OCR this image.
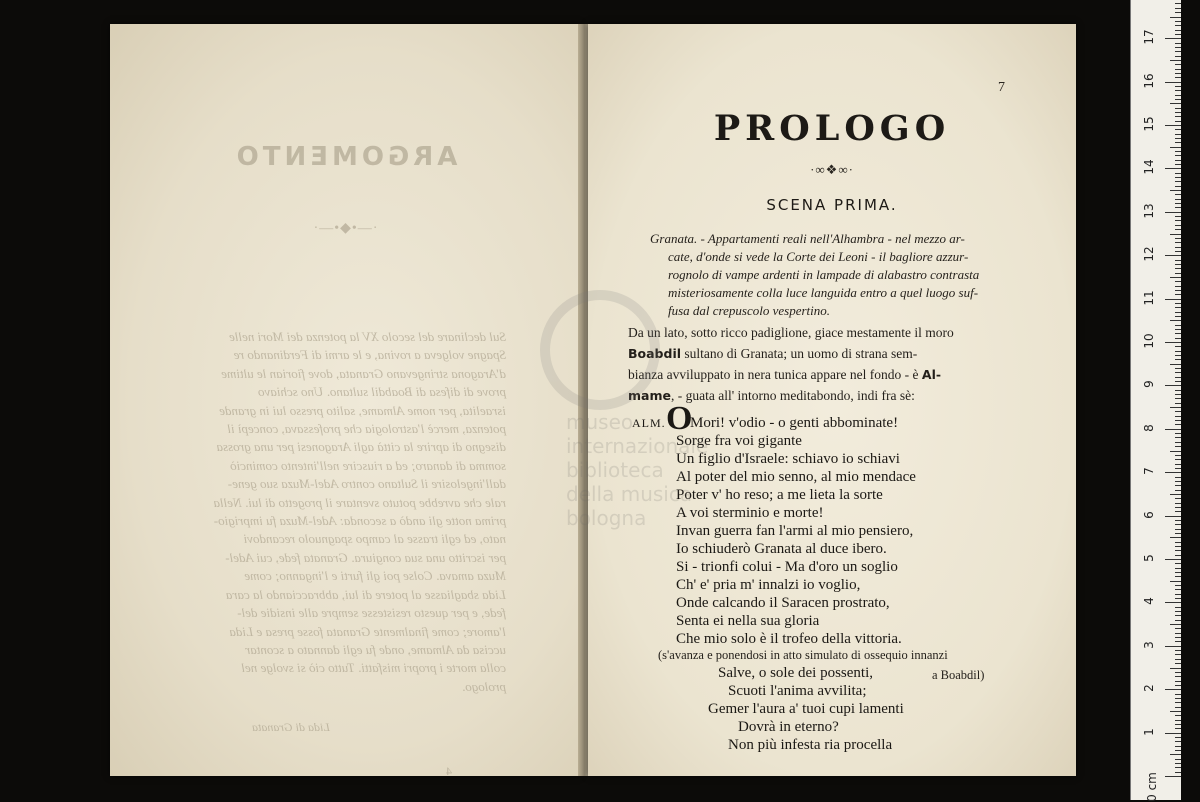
ARGOMENTO
·—•◆•—·
Sul declinare del secolo XV la potenza dei Mori nelle
Spagne volgeva a rovina, e le armi di Ferdinando re
d'Aragona stringevano Granata, dove fiorian le ultime
prove di difesa di Boabdil sultano. Uno schiavo
israelita, per nome Almame, salito presso lui in grande
potenza, mercè l'astrologia che professava, concepì il
disegno di aprire la città agli Aragonesi per una grossa
somma di danaro; ed a riuscire nell'intento cominciò
dall'ingelosire il Sultano contro Adel-Muza suo gene-
rale che avrebbe potuto sventare il progetto di lui. Nella
prima notte gli andò a seconda: Adel-Muza fu imprigio-
nato, ed egli trasse al campo spagnuolo recandovi
per iscritto una sua congiura. Granata fede, cui Adel-
Muza amava. Colse poi gli furti e l'inganno; come
Lida sbagliasse al potere di lui, abbracciando la cara
fede, e per questo resistesse sempre alle insidie del-
l'amore; come finalmente Granata fosse presa e Lida
uccisa da Almame, onde fu egli dannato a scontar
colla morte i propri misfatti. Tutto ciò si svolge nel
prologo.
Lida di Granata
4
7
PROLOGO
·∞❖∞·
SCENA PRIMA.
Granata. - Appartamenti reali nell'Alhambra - nel mezzo ar-
cate, d'onde si vede la Corte dei Leoni - il bagliore azzur-
rognolo di vampe ardenti in lampade di alabastro contrasta
misteriosamente colla luce languida entro a quel luogo suf-
fusa dal crepuscolo vespertino.
Da un lato, sotto ricco padiglione, giace mestamente il moro
Boabdil sultano di Granata; un uomo di strana sem-
bianza avviluppato in nera tunica appare nel fondo - è Al-
mame, - guata all' intorno meditabondo, indi fra sè:
ALM. O
Mori! v'odio - o genti abbominate!
Sorge fra voi gigante
Un figlio d'Israele: schiavo io schiavi
Al poter del mio senno, al mio mendace
Poter v' ho reso; a me lieta la sorte
A voi sterminio e morte!
Invan guerra fan l'armi al mio pensiero,
Io schiuderò Granata al duce ibero.
Si - trionfi colui - Ma d'oro un soglio
Ch' e' pria m' innalzi io voglio,
Onde calcando il Saracen prostrato,
Senta ei nella sua gloria
Che mio solo è il trofeo della vittoria.
(s'avanza e ponendosi in atto simulato di ossequio innanzi
Salve, o sole dei possenti,	a Boabdil)
Scuoti l'anima avvilita;
Gemer l'aura a' tuoi cupi lamenti
Dovrà in eterno?
Non più infesta ria procella
museo internazionale
biblioteca
della musica
bologna
17
16
15
14
13
12
11
10
9
8
7
6
5
4
3
2
1
0 cm
